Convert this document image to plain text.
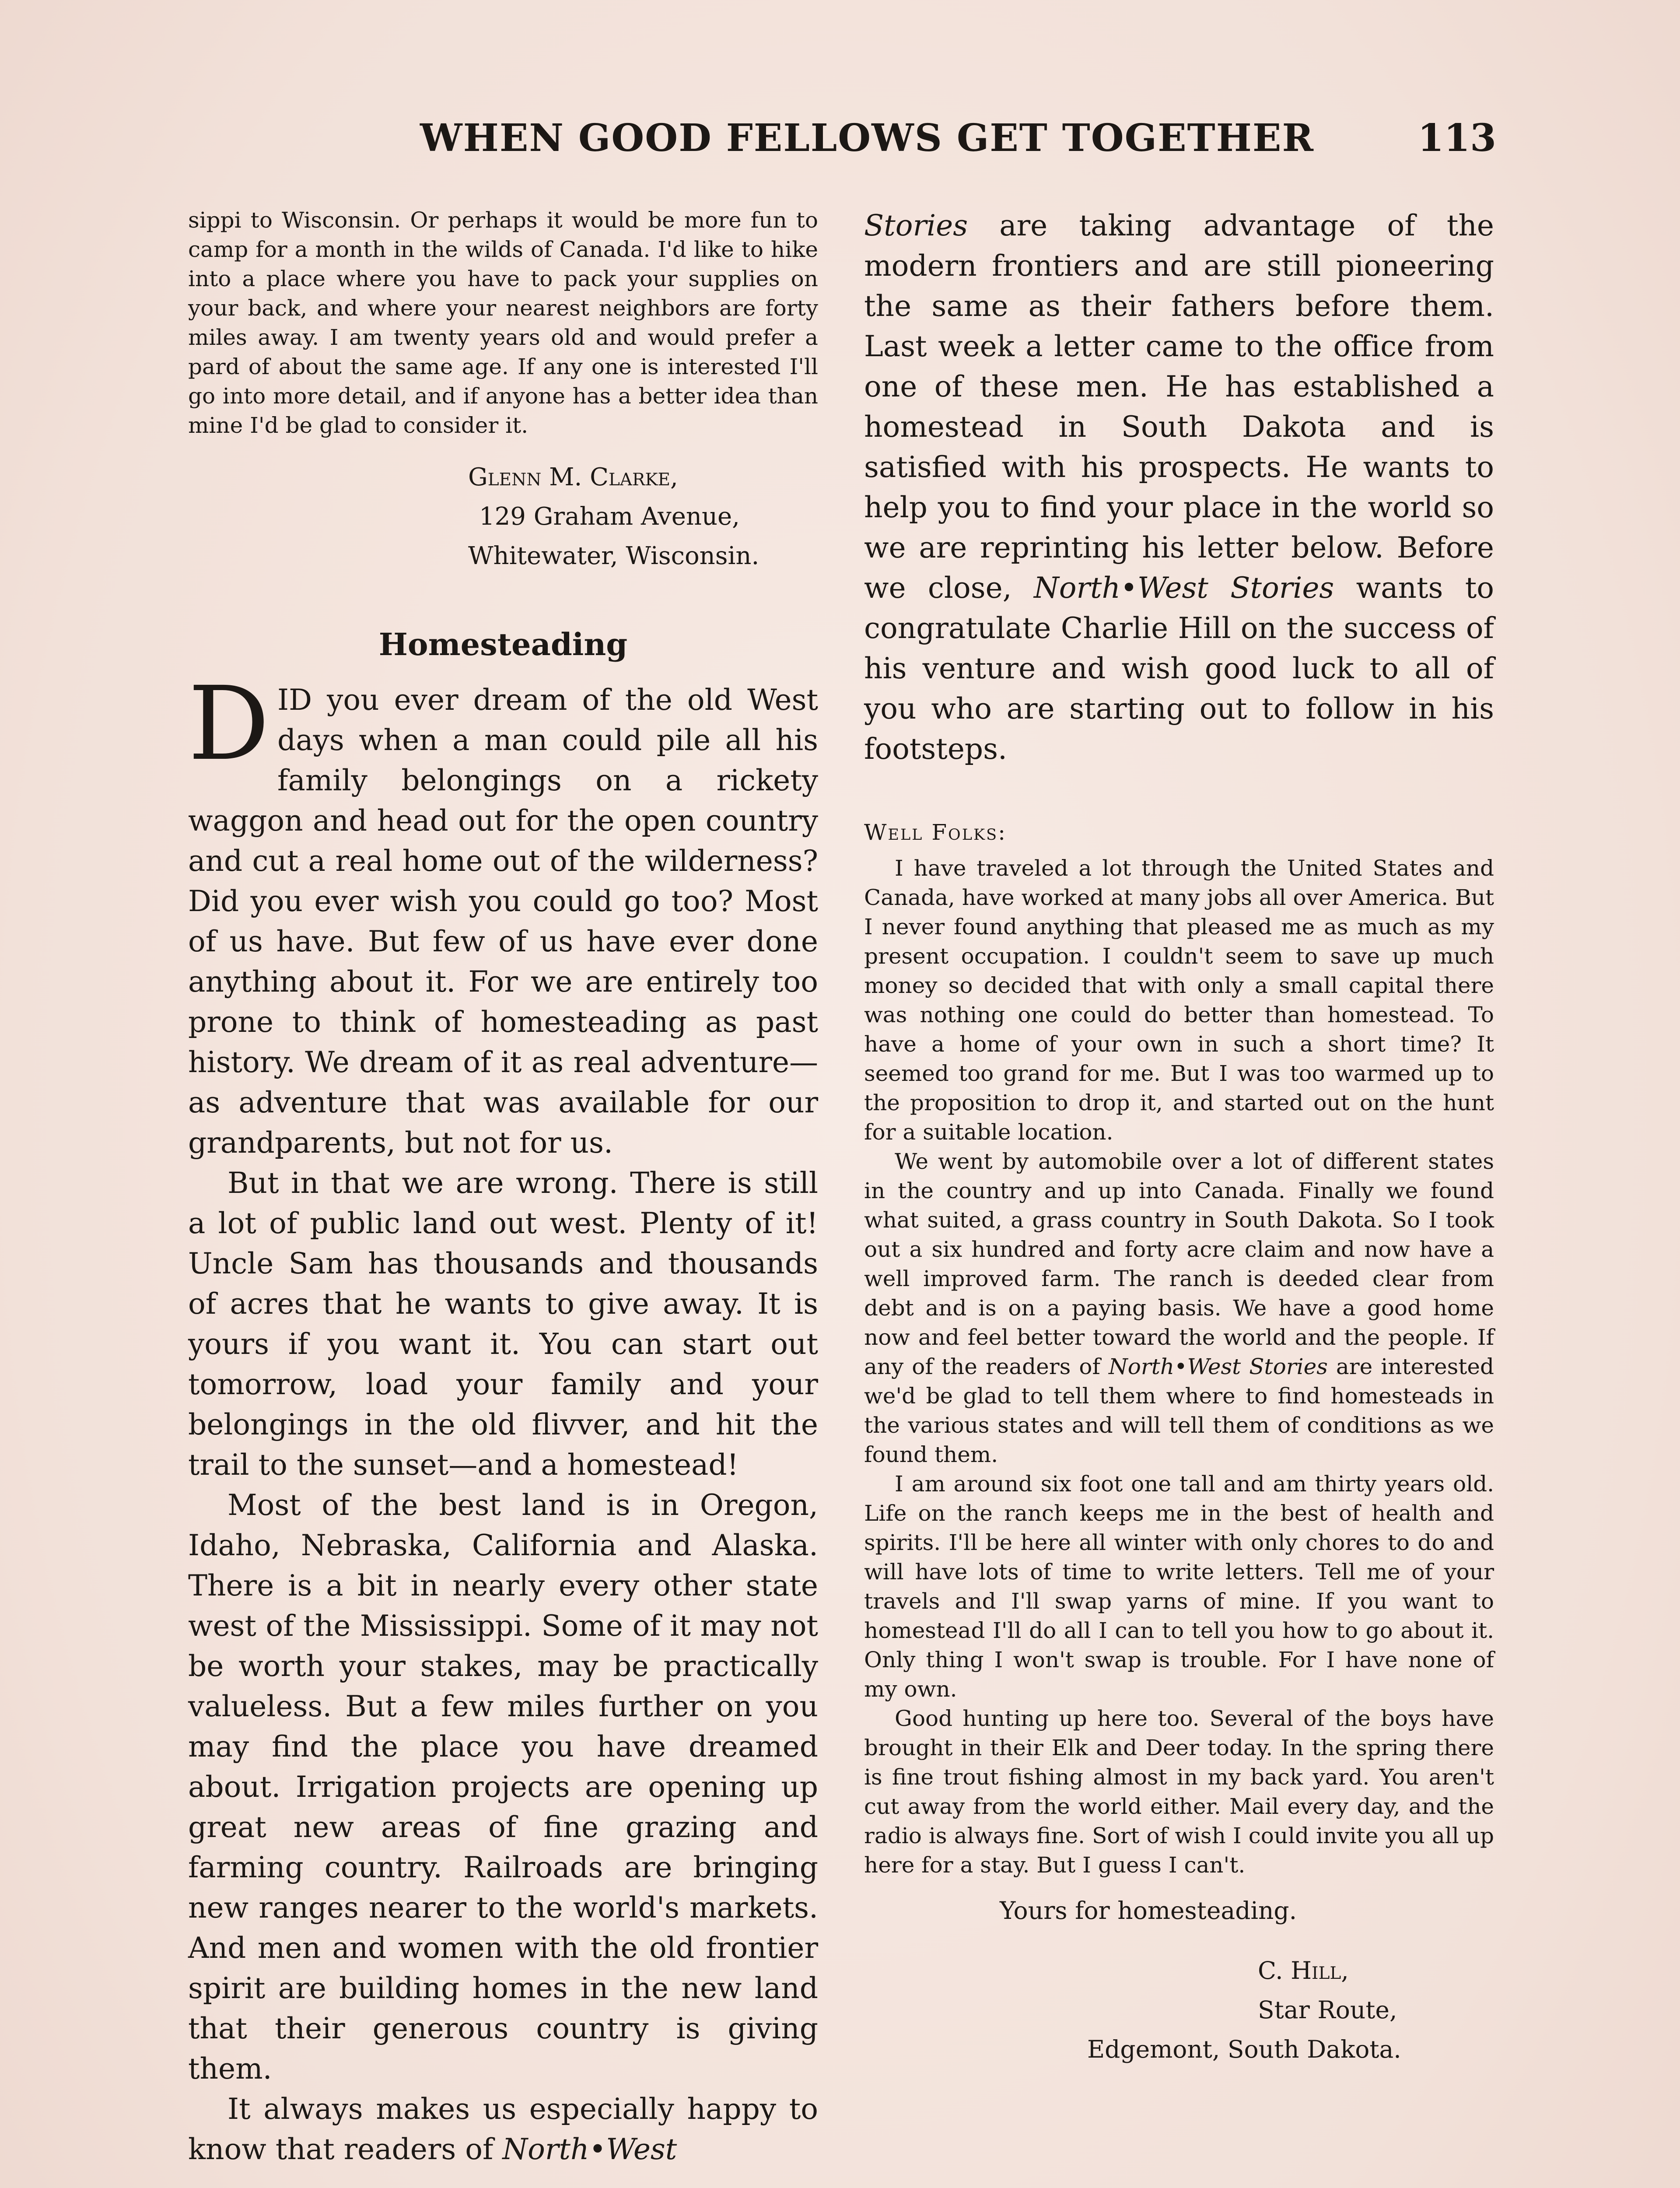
WHEN GOOD FELLOWS GET TOGETHER	113

sippi to Wisconsin. Or perhaps it would be more fun to camp for a month in the wilds of Canada. I'd like to hike into a place where you have to pack your supplies on your back, and where your nearest neighbors are forty miles away. I am twenty years old and would prefer a pard of about the same age. If any one is interested I'll go into more detail, and if anyone has a better idea than mine I'd be glad to consider it.

Glenn M. Clarke,
129 Graham Avenue,
Whitewater, Wisconsin.
Homesteading

DID you ever dream of the old West days when a man could pile all his family belongings on a rickety waggon and head out for the open country and cut a real home out of the wilderness? Did you ever wish you could go too? Most of us have. But few of us have ever done anything about it. For we are entirely too prone to think of homesteading as past history. We dream of it as real adventure—as adventure that was available for our grandparents, but not for us.

But in that we are wrong. There is still a lot of public land out west. Plenty of it! Uncle Sam has thousands and thousands of acres that he wants to give away. It is yours if you want it. You can start out tomorrow, load your family and your belongings in the old flivver, and hit the trail to the sunset—and a homestead!

Most of the best land is in Oregon, Idaho, Nebraska, California and Alaska. There is a bit in nearly every other state west of the Mississippi. Some of it may not be worth your stakes, may be practically valueless. But a few miles further on you may find the place you have dreamed about. Irrigation projects are opening up great new areas of fine grazing and farming country. Railroads are bringing new ranges nearer to the world's markets. And men and women with the old frontier spirit are building homes in the new land that their generous country is giving them.

It always makes us especially happy to know that readers of North•West

Stories are taking advantage of the modern frontiers and are still pioneering the same as their fathers before them. Last week a letter came to the office from one of these men. He has established a homestead in South Dakota and is satisfied with his prospects. He wants to help you to find your place in the world so we are reprinting his letter below. Before we close, North•West Stories wants to congratulate Charlie Hill on the success of his venture and wish good luck to all of you who are starting out to follow in his footsteps.

Well Folks:

I have traveled a lot through the United States and Canada, have worked at many jobs all over America. But I never found anything that pleased me as much as my present occupation. I couldn't seem to save up much money so decided that with only a small capital there was nothing one could do better than homestead. To have a home of your own in such a short time? It seemed too grand for me. But I was too warmed up to the proposition to drop it, and started out on the hunt for a suitable location.

We went by automobile over a lot of different states in the country and up into Canada. Finally we found what suited, a grass country in South Dakota. So I took out a six hundred and forty acre claim and now have a well improved farm. The ranch is deeded clear from debt and is on a paying basis. We have a good home now and feel better toward the world and the people. If any of the readers of North•West Stories are interested we'd be glad to tell them where to find homesteads in the various states and will tell them of conditions as we found them.

I am around six foot one tall and am thirty years old. Life on the ranch keeps me in the best of health and spirits. I'll be here all winter with only chores to do and will have lots of time to write letters. Tell me of your travels and I'll swap yarns of mine. If you want to homestead I'll do all I can to tell you how to go about it. Only thing I won't swap is trouble. For I have none of my own.

Good hunting up here too. Several of the boys have brought in their Elk and Deer today. In the spring there is fine trout fishing almost in my back yard. You aren't cut away from the world either. Mail every day, and the radio is always fine. Sort of wish I could invite you all up here for a stay. But I guess I can't.

Yours for homesteading.
C. Hill,
Star Route,
Edgemont, South Dakota.
